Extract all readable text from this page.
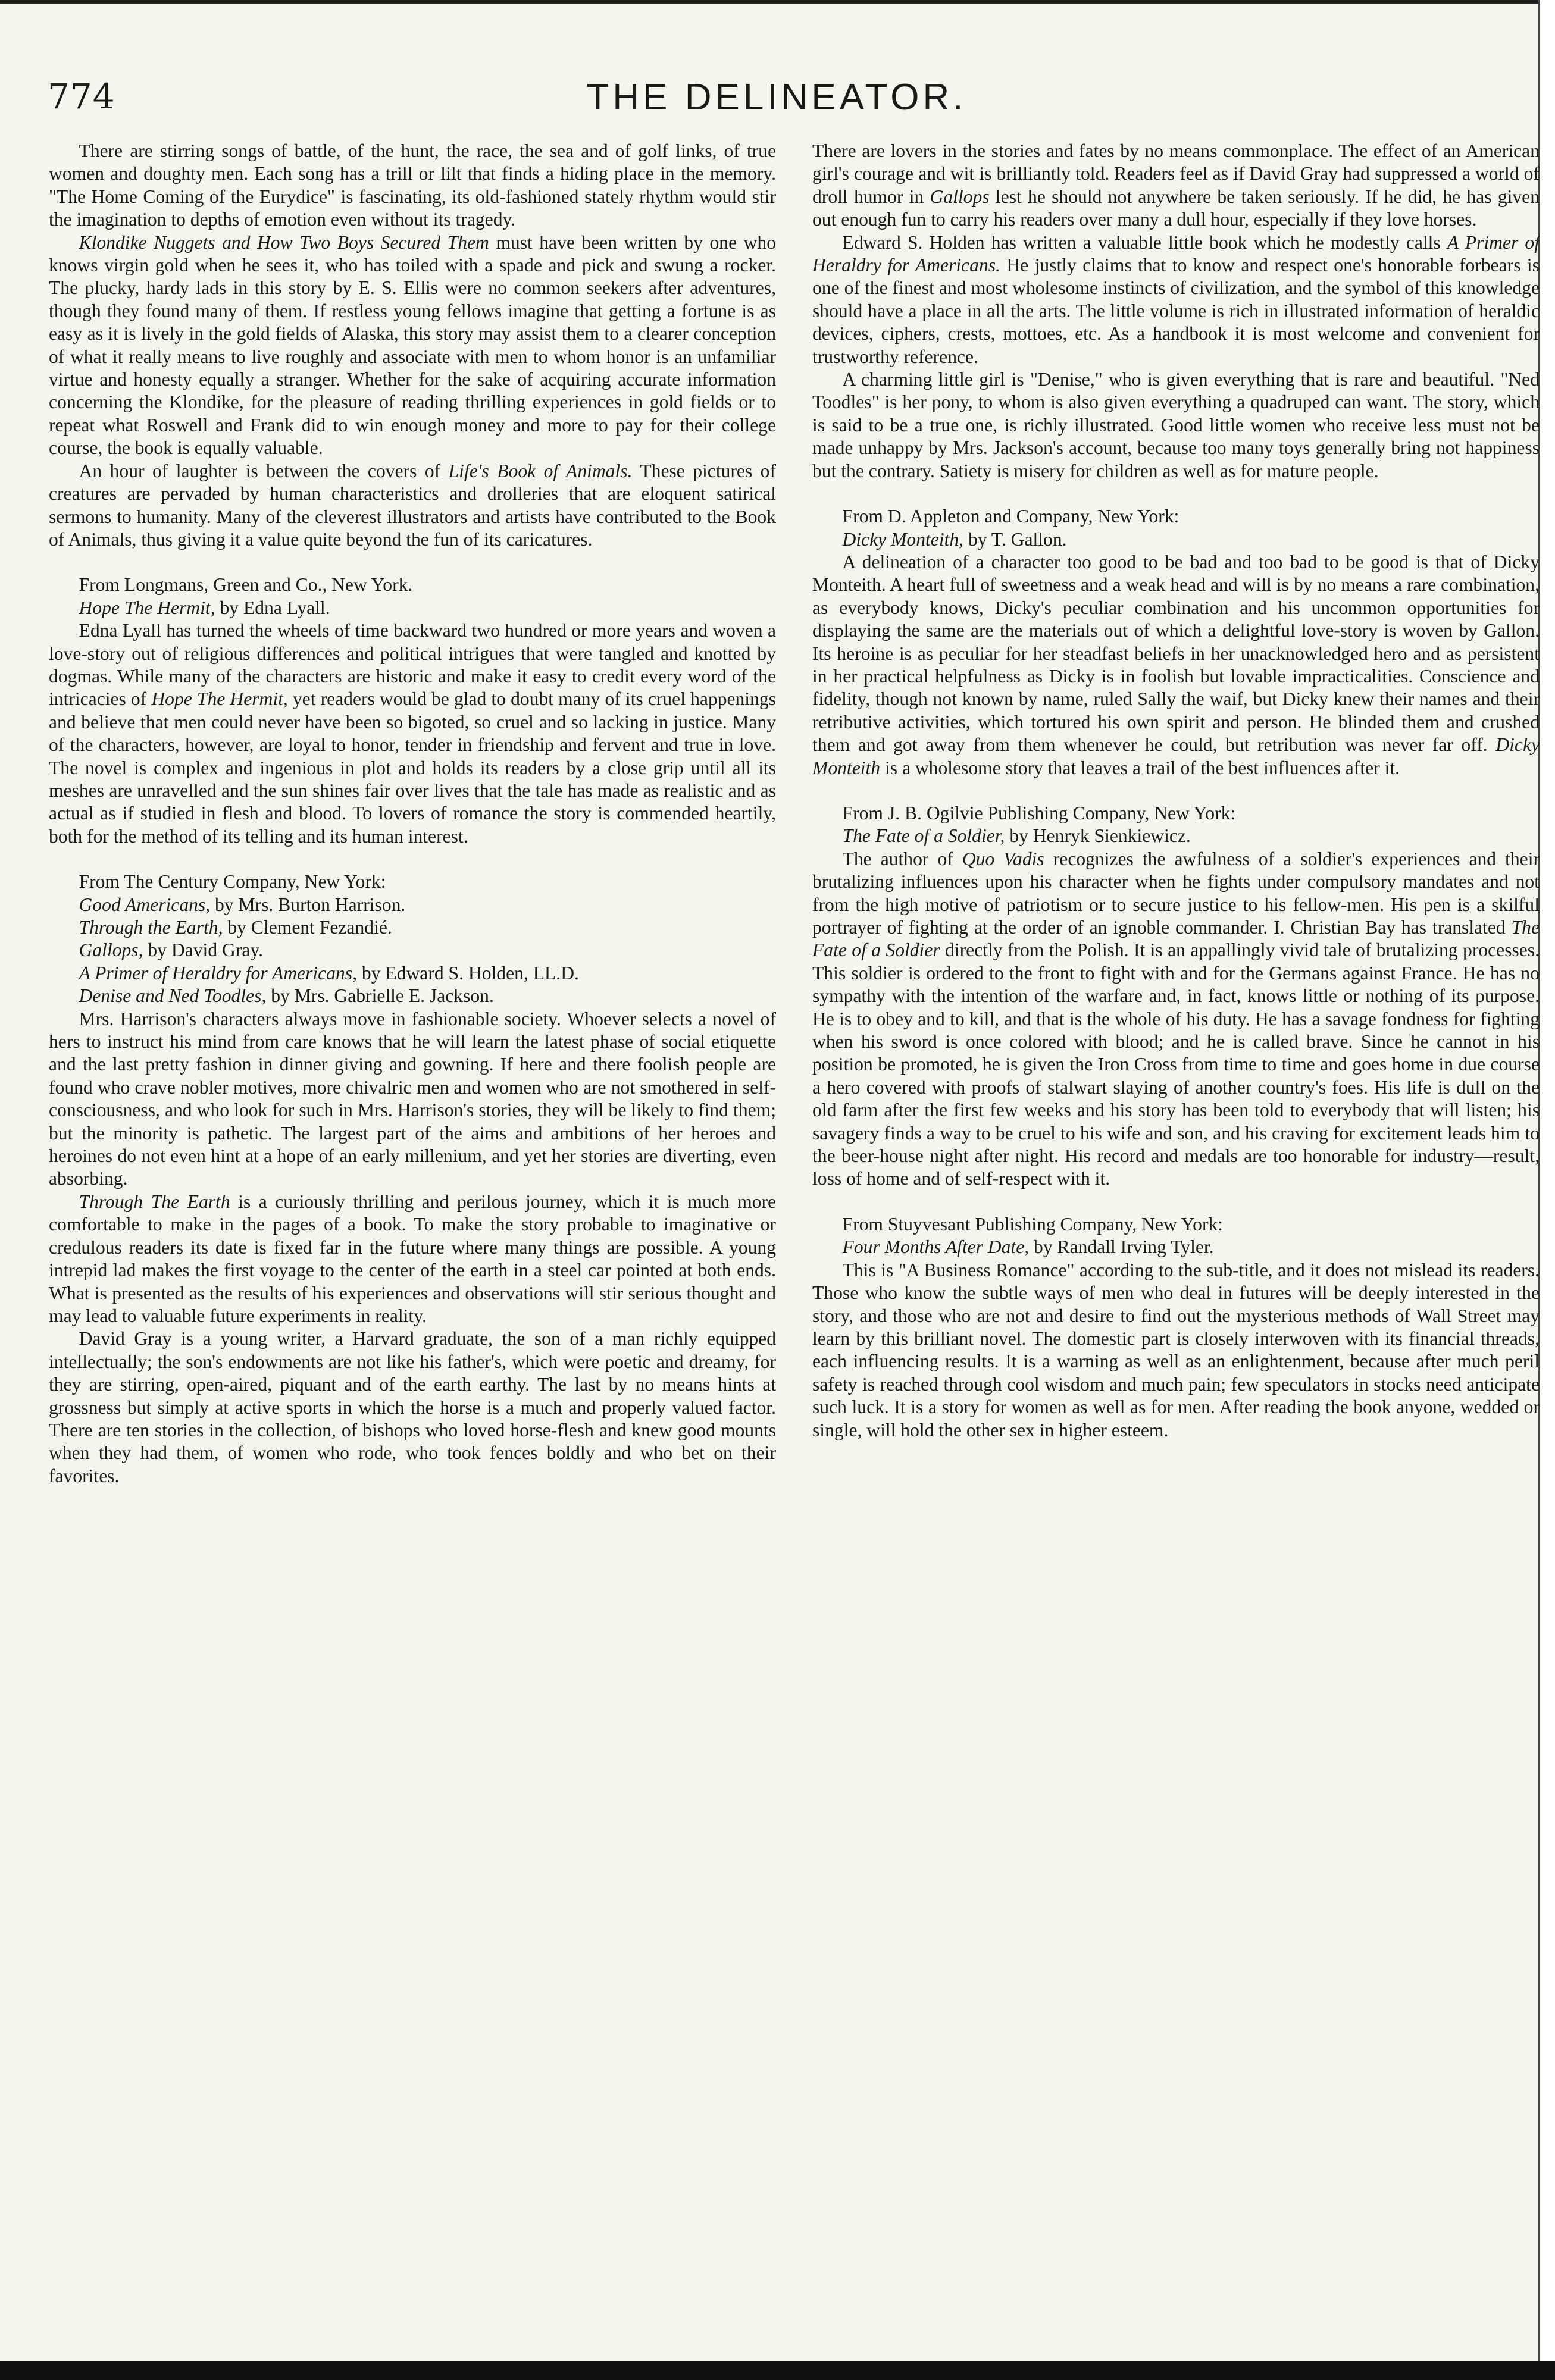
774	THE DELINEATOR.

There are stirring songs of battle, of the hunt, the race, the sea and of golf links, of true women and doughty men. Each song has a trill or lilt that finds a hiding place in the memory. "The Home Coming of the Eurydice" is fascinating, its old-fashioned stately rhythm would stir the imagination to depths of emotion even without its tragedy.

Klondike Nuggets and How Two Boys Secured Them must have been written by one who knows virgin gold when he sees it, who has toiled with a spade and pick and swung a rocker. The plucky, hardy lads in this story by E. S. Ellis were no common seekers after adventures, though they found many of them. If restless young fellows imagine that getting a fortune is as easy as it is lively in the gold fields of Alaska, this story may assist them to a clearer conception of what it really means to live roughly and associate with men to whom honor is an unfamiliar virtue and honesty equally a stranger. Whether for the sake of acquiring accurate information concerning the Klondike, for the pleasure of reading thrilling experiences in gold fields or to repeat what Roswell and Frank did to win enough money and more to pay for their college course, the book is equally valuable.

An hour of laughter is between the covers of Life's Book of Animals. These pictures of creatures are pervaded by human characteristics and drolleries that are eloquent satirical sermons to humanity. Many of the cleverest illustrators and artists have contributed to the Book of Animals, thus giving it a value quite beyond the fun of its caricatures.

From Longmans, Green and Co., New York.

Hope The Hermit, by Edna Lyall.

Edna Lyall has turned the wheels of time backward two hundred or more years and woven a love-story out of religious differences and political intrigues that were tangled and knotted by dogmas. While many of the characters are historic and make it easy to credit every word of the intricacies of Hope The Hermit, yet readers would be glad to doubt many of its cruel happenings and believe that men could never have been so bigoted, so cruel and so lacking in justice. Many of the characters, however, are loyal to honor, tender in friendship and fervent and true in love. The novel is complex and ingenious in plot and holds its readers by a close grip until all its meshes are unravelled and the sun shines fair over lives that the tale has made as realistic and as actual as if studied in flesh and blood. To lovers of romance the story is commended heartily, both for the method of its telling and its human interest.

From The Century Company, New York:

Good Americans, by Mrs. Burton Harrison.

Through the Earth, by Clement Fezandié.

Gallops, by David Gray.

A Primer of Heraldry for Americans, by Edward S. Holden, LL.D.

Denise and Ned Toodles, by Mrs. Gabrielle E. Jackson.

Mrs. Harrison's characters always move in fashionable society. Whoever selects a novel of hers to instruct his mind from care knows that he will learn the latest phase of social etiquette and the last pretty fashion in dinner giving and gowning. If here and there foolish people are found who crave nobler motives, more chivalric men and women who are not smothered in self-consciousness, and who look for such in Mrs. Harrison's stories, they will be likely to find them; but the minority is pathetic. The largest part of the aims and ambitions of her heroes and heroines do not even hint at a hope of an early millenium, and yet her stories are diverting, even absorbing.

Through The Earth is a curiously thrilling and perilous journey, which it is much more comfortable to make in the pages of a book. To make the story probable to imaginative or credulous readers its date is fixed far in the future where many things are possible. A young intrepid lad makes the first voyage to the center of the earth in a steel car pointed at both ends. What is presented as the results of his experiences and observations will stir serious thought and may lead to valuable future experiments in reality.

David Gray is a young writer, a Harvard graduate, the son of a man richly equipped intellectually; the son's endowments are not like his father's, which were poetic and dreamy, for they are stirring, open-aired, piquant and of the earth earthy. The last by no means hints at grossness but simply at active sports in which the horse is a much and properly valued factor. There are ten stories in the collection, of bishops who loved horse-flesh and knew good mounts when they had them, of women who rode, who took fences boldly and who bet on their favorites.

There are lovers in the stories and fates by no means commonplace. The effect of an American girl's courage and wit is brilliantly told. Readers feel as if David Gray had suppressed a world of droll humor in Gallops lest he should not anywhere be taken seriously. If he did, he has given out enough fun to carry his readers over many a dull hour, especially if they love horses.

Edward S. Holden has written a valuable little book which he modestly calls A Primer of Heraldry for Americans. He justly claims that to know and respect one's honorable forbears is one of the finest and most wholesome instincts of civilization, and the symbol of this knowledge should have a place in all the arts. The little volume is rich in illustrated information of heraldic devices, ciphers, crests, mottoes, etc. As a handbook it is most welcome and convenient for trustworthy reference.

A charming little girl is "Denise," who is given everything that is rare and beautiful. "Ned Toodles" is her pony, to whom is also given everything a quadruped can want. The story, which is said to be a true one, is richly illustrated. Good little women who receive less must not be made unhappy by Mrs. Jackson's account, because too many toys generally bring not happiness but the contrary. Satiety is misery for children as well as for mature people.

From D. Appleton and Company, New York:

Dicky Monteith, by T. Gallon.

A delineation of a character too good to be bad and too bad to be good is that of Dicky Monteith. A heart full of sweetness and a weak head and will is by no means a rare combination, as everybody knows, Dicky's peculiar combination and his uncommon opportunities for displaying the same are the materials out of which a delightful love-story is woven by Gallon. Its heroine is as peculiar for her steadfast beliefs in her unacknowledged hero and as persistent in her practical helpfulness as Dicky is in foolish but lovable impracticalities. Conscience and fidelity, though not known by name, ruled Sally the waif, but Dicky knew their names and their retributive activities, which tortured his own spirit and person. He blinded them and crushed them and got away from them whenever he could, but retribution was never far off. Dicky Monteith is a wholesome story that leaves a trail of the best influences after it.

From J. B. Ogilvie Publishing Company, New York:

The Fate of a Soldier, by Henryk Sienkiewicz.

The author of Quo Vadis recognizes the awfulness of a soldier's experiences and their brutalizing influences upon his character when he fights under compulsory mandates and not from the high motive of patriotism or to secure justice to his fellow-men. His pen is a skilful portrayer of fighting at the order of an ignoble commander. I. Christian Bay has translated The Fate of a Soldier directly from the Polish. It is an appallingly vivid tale of brutalizing processes. This soldier is ordered to the front to fight with and for the Germans against France. He has no sympathy with the intention of the warfare and, in fact, knows little or nothing of its purpose. He is to obey and to kill, and that is the whole of his duty. He has a savage fondness for fighting when his sword is once colored with blood; and he is called brave. Since he cannot in his position be promoted, he is given the Iron Cross from time to time and goes home in due course a hero covered with proofs of stalwart slaying of another country's foes. His life is dull on the old farm after the first few weeks and his story has been told to everybody that will listen; his savagery finds a way to be cruel to his wife and son, and his craving for excitement leads him to the beer-house night after night. His record and medals are too honorable for industry—result, loss of home and of self-respect with it.

From Stuyvesant Publishing Company, New York:

Four Months After Date, by Randall Irving Tyler.

This is "A Business Romance" according to the sub-title, and it does not mislead its readers. Those who know the subtle ways of men who deal in futures will be deeply interested in the story, and those who are not and desire to find out the mysterious methods of Wall Street may learn by this brilliant novel. The domestic part is closely interwoven with its financial threads, each influencing results. It is a warning as well as an enlightenment, because after much peril safety is reached through cool wisdom and much pain; few speculators in stocks need anticipate such luck. It is a story for women as well as for men. After reading the book anyone, wedded or single, will hold the other sex in higher esteem.
